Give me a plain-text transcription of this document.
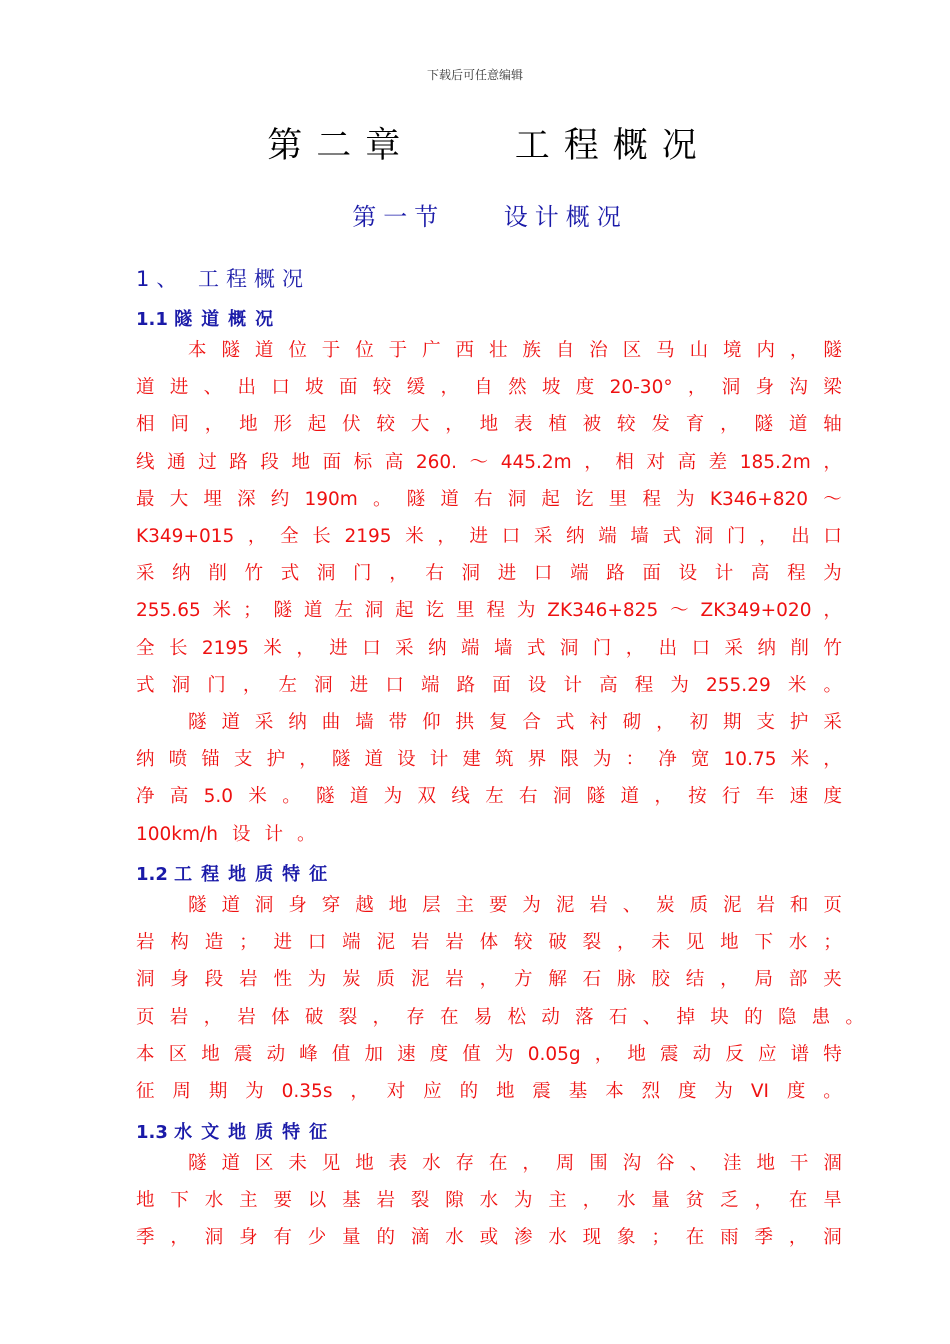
下载后可任意编辑
第二章    工程概况
第一节    设计概况
1、 工程概况
1.1 隧道概况
本 隧 道 位 于 位 于 广 西 壮 族 自 治 区 马 山 境 内 ， 隧
道 进 、 出 口 坡 面 较 缓 ， 自 然 坡 度 20-30° ， 洞 身 沟 梁
相 间 ， 地 形 起 伏 较 大 ， 地 表 植 被 较 发 育 ， 隧 道 轴
线 通 过 路 段 地 面 标 高 260. ～ 445.2m ， 相 对 高 差 185.2m ，
最 大 埋 深 约 190m 。 隧 道 右 洞 起 讫 里 程 为 K346+820 ～
K349+015 ， 全 长 2195 米 ， 进 口 采 纳 端 墙 式 洞 门 ， 出 口
采 纳 削 竹 式 洞 门 ， 右 洞 进 口 端 路 面 设 计 高 程 为
255.65 米 ； 隧 道 左 洞 起 讫 里 程 为 ZK346+825 ～ ZK349+020 ，
全 长 2195 米 ， 进 口 采 纳 端 墙 式 洞 门 ， 出 口 采 纳 削 竹
式 洞 门 ， 左 洞 进 口 端 路 面 设 计 高 程 为 255.29 米 。
隧 道 采 纳 曲 墙 带 仰 拱 复 合 式 衬 砌 ， 初 期 支 护 采
纳 喷 锚 支 护 ， 隧 道 设 计 建 筑 界 限 为 ： 净 宽 10.75 米 ，
净 高 5.0 米 。 隧 道 为 双 线 左 右 洞 隧 道 ， 按 行 车 速 度
100km/h 设 计 。
1.2 工程地质特征
隧 道 洞 身 穿 越 地 层 主 要 为 泥 岩 、 炭 质 泥 岩 和 页
岩 构 造 ； 进 口 端 泥 岩 岩 体 较 破 裂 ， 未 见 地 下 水 ；
洞 身 段 岩 性 为 炭 质 泥 岩 ， 方 解 石 脉 胶 结 ， 局 部 夹
页 岩 ， 岩 体 破 裂 ， 存 在 易 松 动 落 石 、 掉 块 的 隐 患 。
本 区 地 震 动 峰 值 加 速 度 值 为 0.05g ， 地 震 动 反 应 谱 特
征 周 期 为 0.35s ， 对 应 的 地 震 基 本 烈 度 为 VI 度 。
1.3 水文地质特征
隧 道 区 未 见 地 表 水 存 在 ， 周 围 沟 谷 、 洼 地 干 涸
地 下 水 主 要 以 基 岩 裂 隙 水 为 主 ， 水 量 贫 乏 ， 在 旱
季 ， 洞 身 有 少 量 的 滴 水 或 渗 水 现 象 ； 在 雨 季 ， 洞
